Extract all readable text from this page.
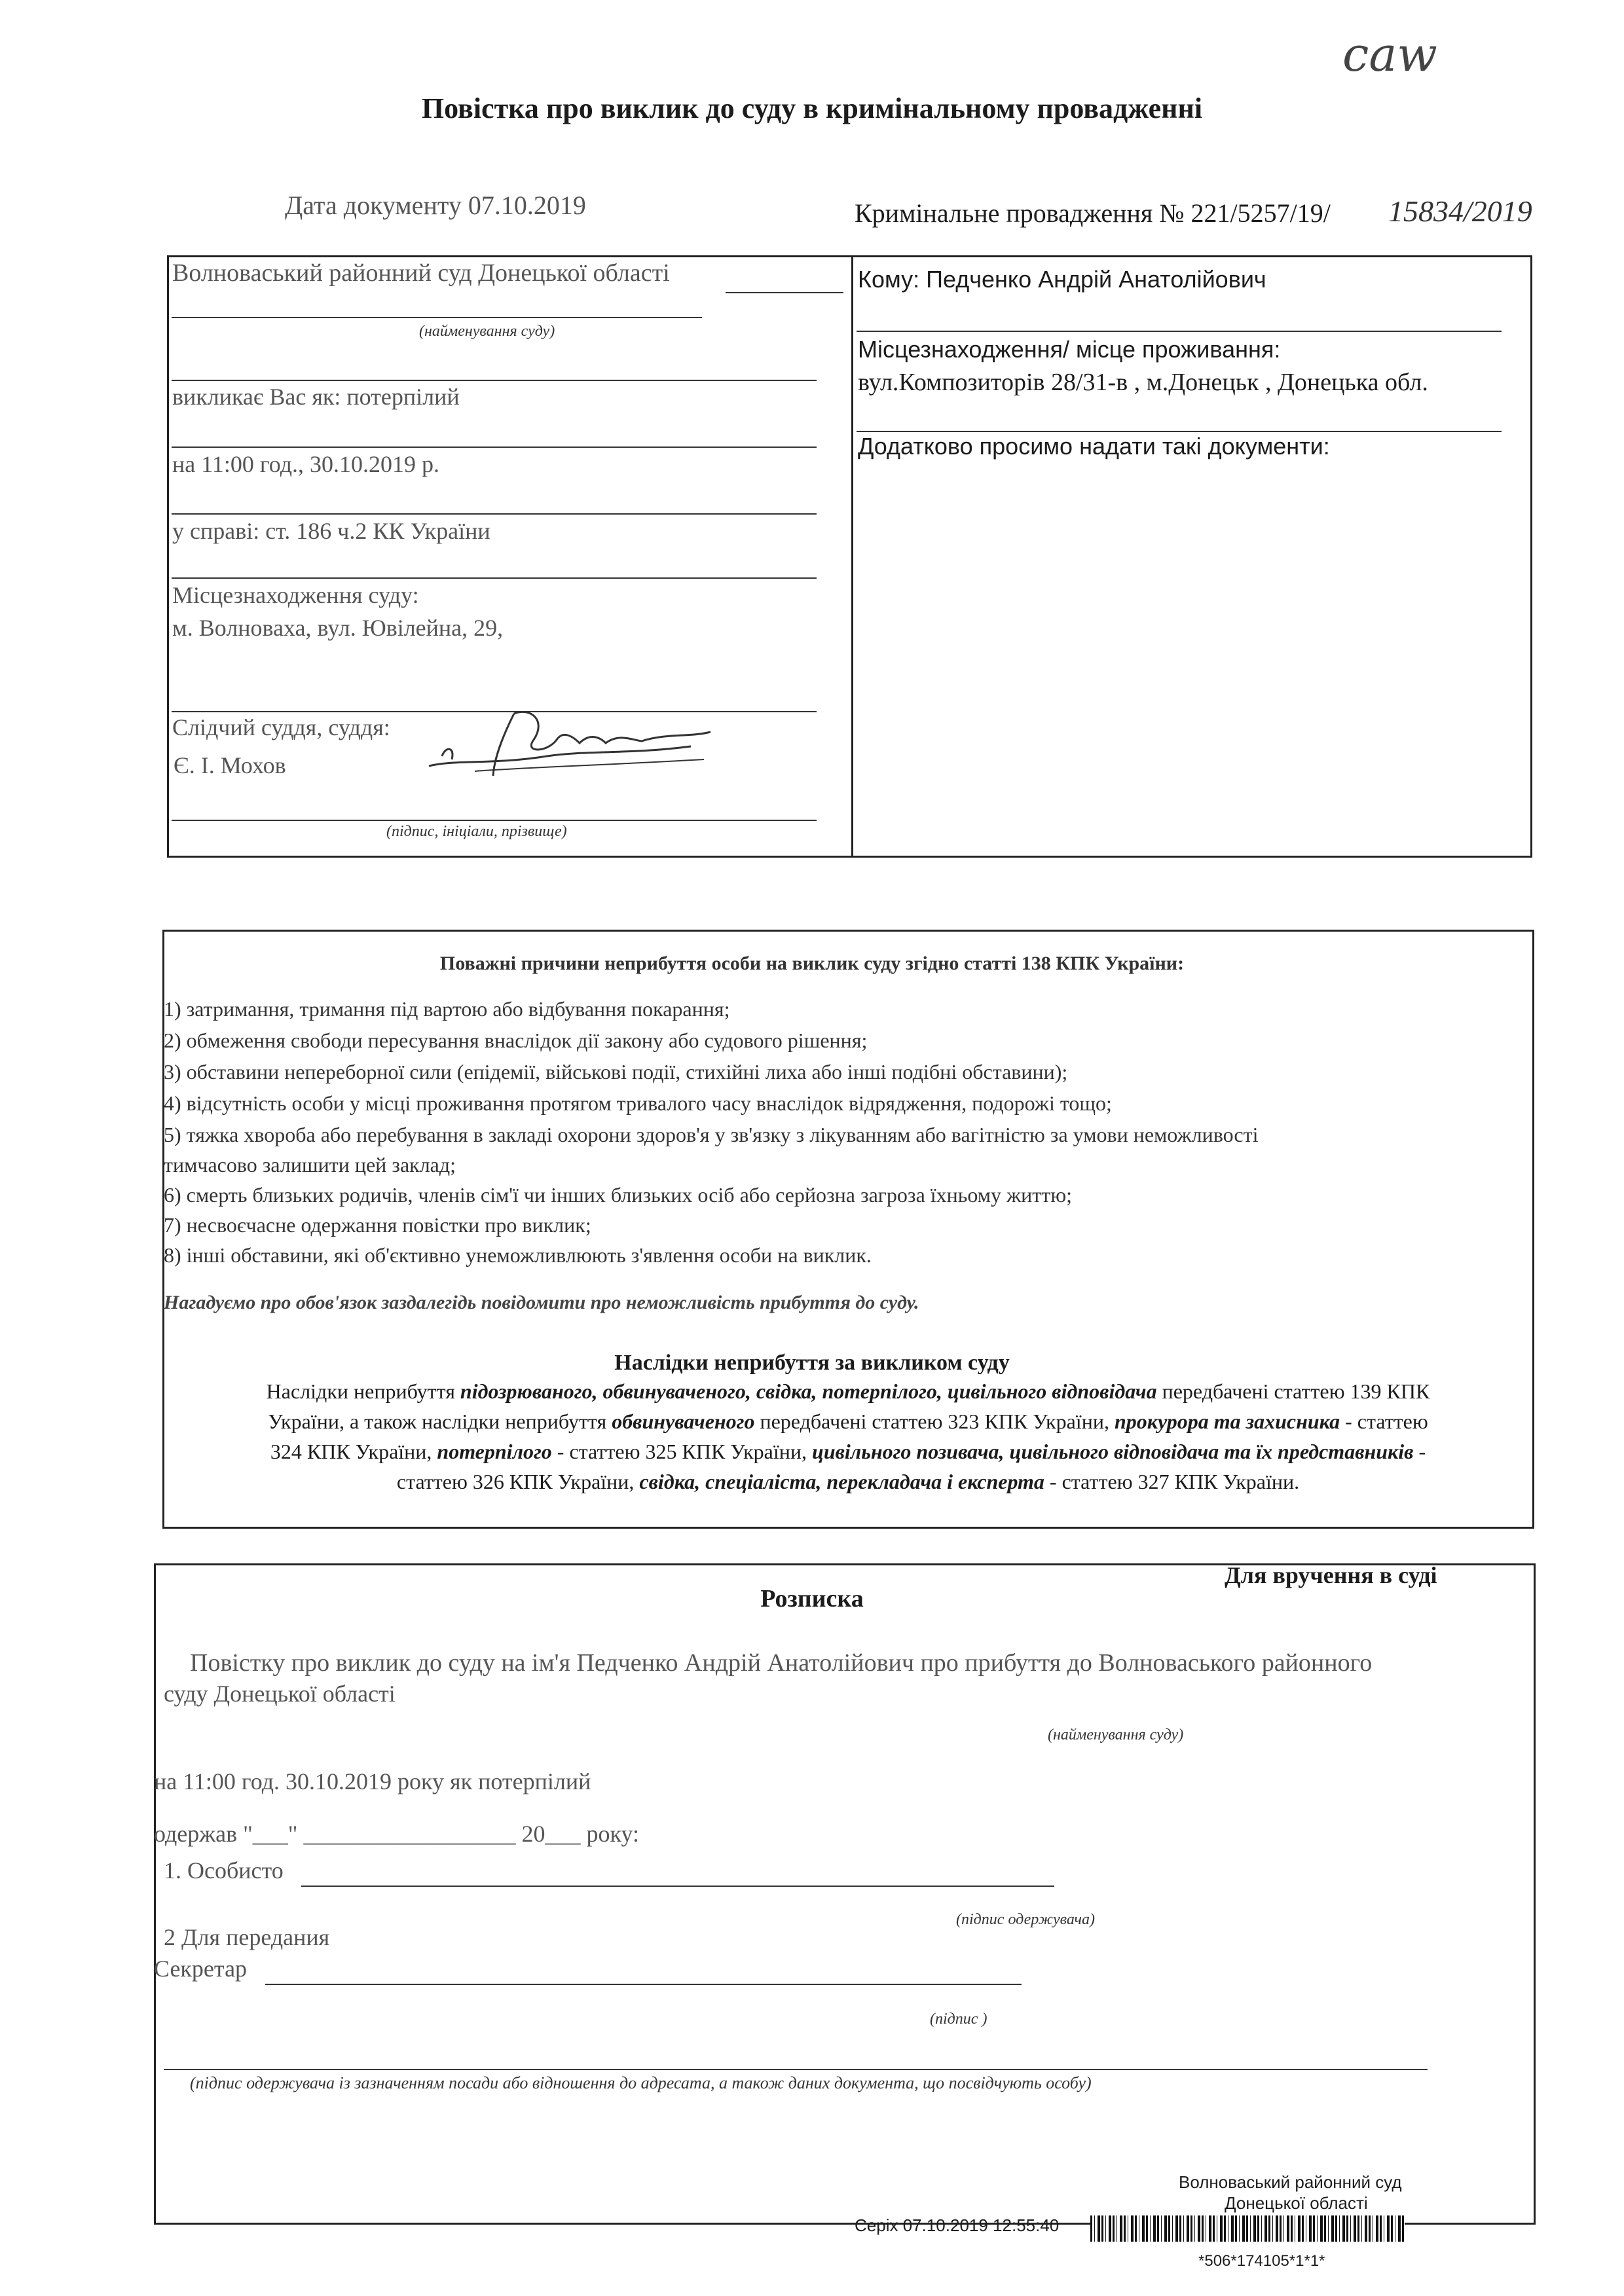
сaw
Повістка про виклик до суду в кримінальному провадженні
Дата документу 07.10.2019	Кримінальне провадження № 221/5257/19/ 15834/2019
Волноваський районний суд Донецької області
(найменування суду)
викликає Вас як: потерпілий
на 11:00 год., 30.10.2019 р.
у справі: ст. 186 ч.2 КК України
Місцезнаходження суду:
м. Волноваха, вул. Ювілейна, 29,
Слідчий суддя, суддя:
Є. І. Мохов
(підпис, ініціали, прізвище)
Кому: Педченко Андрій Анатолійович
Місцезнаходження/ місце проживання:
вул.Композиторів 28/31-в , м.Донецьк , Донецька обл.
Додатково просимо надати такі документи:
Поважні причини неприбуття особи на виклик суду згідно статті 138 КПК України:
1) затримання, тримання під вартою або відбування покарання;
2) обмеження свободи пересування внаслідок дії закону або судового рішення;
3) обставини непереборної сили (епідемії, військові події, стихійні лиха або інші подібні обставини);
4) відсутність особи у місці проживання протягом тривалого часу внаслідок відрядження, подорожі тощо;
5) тяжка хвороба або перебування в закладі охорони здоров'я у зв'язку з лікуванням або вагітністю за умови неможливості
тимчасово залишити цей заклад;
6) смерть близьких родичів, членів сім'ї чи інших близьких осіб або серйозна загроза їхньому життю;
7) несвоєчасне одержання повістки про виклик;
8) інші обставини, які об'єктивно унеможливлюють з'явлення особи на виклик.
Нагадуємо про обов'язок заздалегідь повідомити про неможливість прибуття до суду.
Наслідки неприбуття за викликом суду
Наслідки неприбуття підозрюваного, обвинуваченого, свідка, потерпілого, цивільного відповідача передбачені статтею 139 КПК
України, а також наслідки неприбуття обвинуваченого передбачені статтею 323 КПК України, прокурора та захисника - статтею
324 КПК України, потерпілого - статтею 325 КПК України, цивільного позивача, цивільного відповідача та їх представників -
статтею 326 КПК України, свідка, спеціаліста, перекладача і експерта - статтею 327 КПК України.
Для вручення в суді
Розписка
Повістку про виклик до суду на ім'я Педченко Андрій Анатолійович про прибуття до Волноваського районного
суду Донецької області
(найменування суду)
на 11:00 год. 30.10.2019 року як потерпілий
одержав "___" __________________ 20___ року:
1. Особисто
(підпис одержувача)
2 Для передания
Секретар
(підпис )
(підпис одержувача із зазначенням посади або відношення до адресата, а також даних документа, що посвідчують особу)
Волноваський районний суд
Донецької області
Серіх 07.10.2019 12:55:40
*506*174105*1*1*
